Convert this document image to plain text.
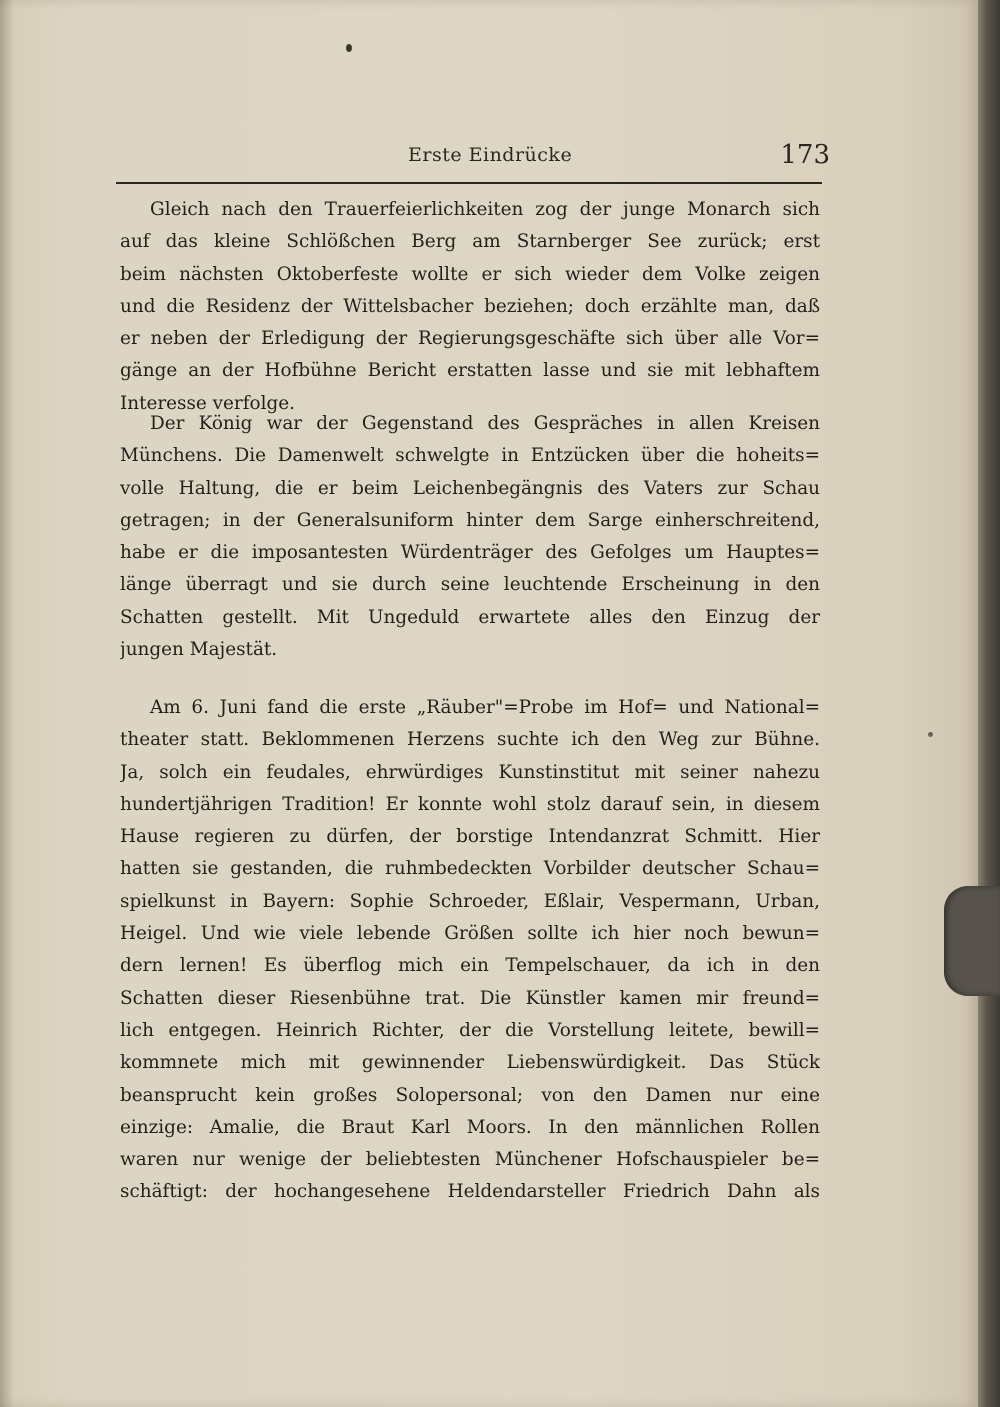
Erste Eindrücke	173

Gleich nach den Trauerfeierlichkeiten zog der junge Monarch sich
auf das kleine Schlößchen Berg am Starnberger See zurück; erst
beim nächsten Oktoberfeste wollte er sich wieder dem Volke zeigen
und die Residenz der Wittelsbacher beziehen; doch erzählte man, daß
er neben der Erledigung der Regierungsgeschäfte sich über alle Vor=
gänge an der Hofbühne Bericht erstatten lasse und sie mit lebhaftem
Interesse verfolge.

Der König war der Gegenstand des Gespräches in allen Kreisen
Münchens. Die Damenwelt schwelgte in Entzücken über die hoheits=
volle Haltung, die er beim Leichenbegängnis des Vaters zur Schau
getragen; in der Generalsuniform hinter dem Sarge einherschreitend,
habe er die imposantesten Würdenträger des Gefolges um Hauptes=
länge überragt und sie durch seine leuchtende Erscheinung in den
Schatten gestellt. Mit Ungeduld erwartete alles den Einzug der
jungen Majestät.

Am 6. Juni fand die erste „Räuber"=Probe im Hof= und National=
theater statt. Beklommenen Herzens suchte ich den Weg zur Bühne.
Ja, solch ein feudales, ehrwürdiges Kunstinstitut mit seiner nahezu
hundertjährigen Tradition! Er konnte wohl stolz darauf sein, in diesem
Hause regieren zu dürfen, der borstige Intendanzrat Schmitt. Hier
hatten sie gestanden, die ruhmbedeckten Vorbilder deutscher Schau=
spielkunst in Bayern: Sophie Schroeder, Eßlair, Vespermann, Urban,
Heigel. Und wie viele lebende Größen sollte ich hier noch bewun=
dern lernen! Es überflog mich ein Tempelschauer, da ich in den
Schatten dieser Riesenbühne trat. Die Künstler kamen mir freund=
lich entgegen. Heinrich Richter, der die Vorstellung leitete, bewill=
kommnete mich mit gewinnender Liebenswürdigkeit. Das Stück
beansprucht kein großes Solopersonal; von den Damen nur eine
einzige: Amalie, die Braut Karl Moors. In den männlichen Rollen
waren nur wenige der beliebtesten Münchener Hofschauspieler be=
schäftigt: der hochangesehene Heldendarsteller Friedrich Dahn als
